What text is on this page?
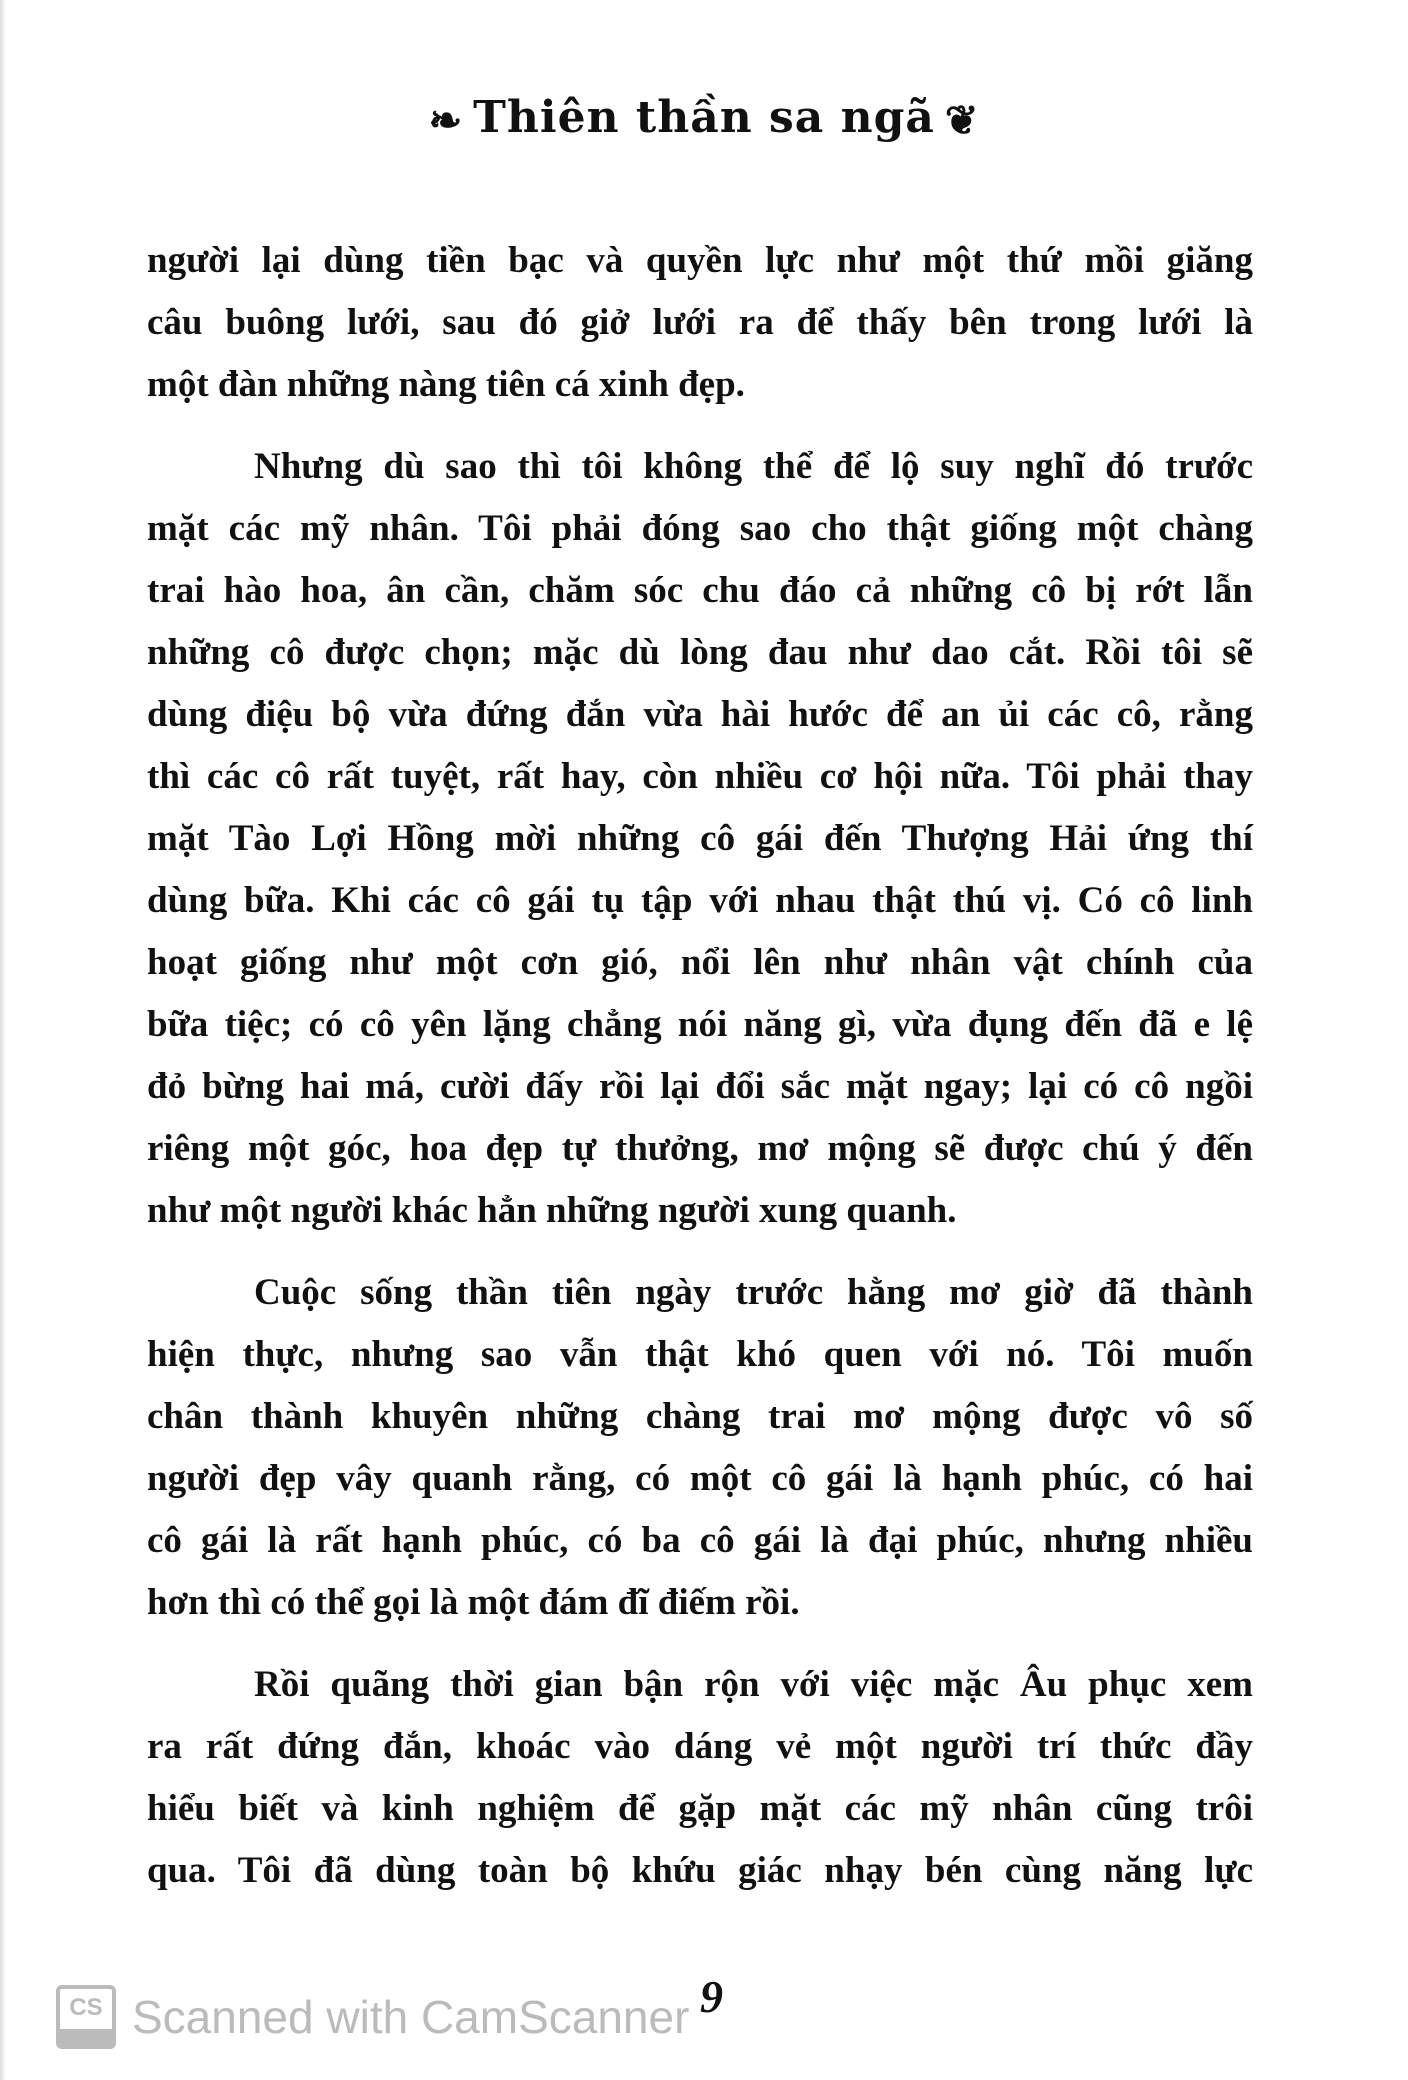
❧ Thiên thần sa ngã ❦
người lại dùng tiền bạc và quyền lực như một thứ mồi giăng
câu buông lưới, sau đó giở lưới ra để thấy bên trong lưới là
một đàn những nàng tiên cá xinh đẹp.
Nhưng dù sao thì tôi không thể để lộ suy nghĩ đó trước
mặt các mỹ nhân. Tôi phải đóng sao cho thật giống một chàng
trai hào hoa, ân cần, chăm sóc chu đáo cả những cô bị rớt lẫn
những cô được chọn; mặc dù lòng đau như dao cắt. Rồi tôi sẽ
dùng điệu bộ vừa đứng đắn vừa hài hước để an ủi các cô, rằng
thì các cô rất tuyệt, rất hay, còn nhiều cơ hội nữa. Tôi phải thay
mặt Tào Lợi Hồng mời những cô gái đến Thượng Hải ứng thí
dùng bữa. Khi các cô gái tụ tập với nhau thật thú vị. Có cô linh
hoạt giống như một cơn gió, nổi lên như nhân vật chính của
bữa tiệc; có cô yên lặng chẳng nói năng gì, vừa đụng đến đã e lệ
đỏ bừng hai má, cười đấy rồi lại đổi sắc mặt ngay; lại có cô ngồi
riêng một góc, hoa đẹp tự thưởng, mơ mộng sẽ được chú ý đến
như một người khác hẳn những người xung quanh.
Cuộc sống thần tiên ngày trước hằng mơ giờ đã thành
hiện thực, nhưng sao vẫn thật khó quen với nó. Tôi muốn
chân thành khuyên những chàng trai mơ mộng được vô số
người đẹp vây quanh rằng, có một cô gái là hạnh phúc, có hai
cô gái là rất hạnh phúc, có ba cô gái là đại phúc, nhưng nhiều
hơn thì có thể gọi là một đám đĩ điếm rồi.
Rồi quãng thời gian bận rộn với việc mặc Âu phục xem
ra rất đứng đắn, khoác vào dáng vẻ một người trí thức đầy
hiểu biết và kinh nghiệm để gặp mặt các mỹ nhân cũng trôi
qua. Tôi đã dùng toàn bộ khứu giác nhạy bén cùng năng lực
9
CS Scanned with CamScanner
